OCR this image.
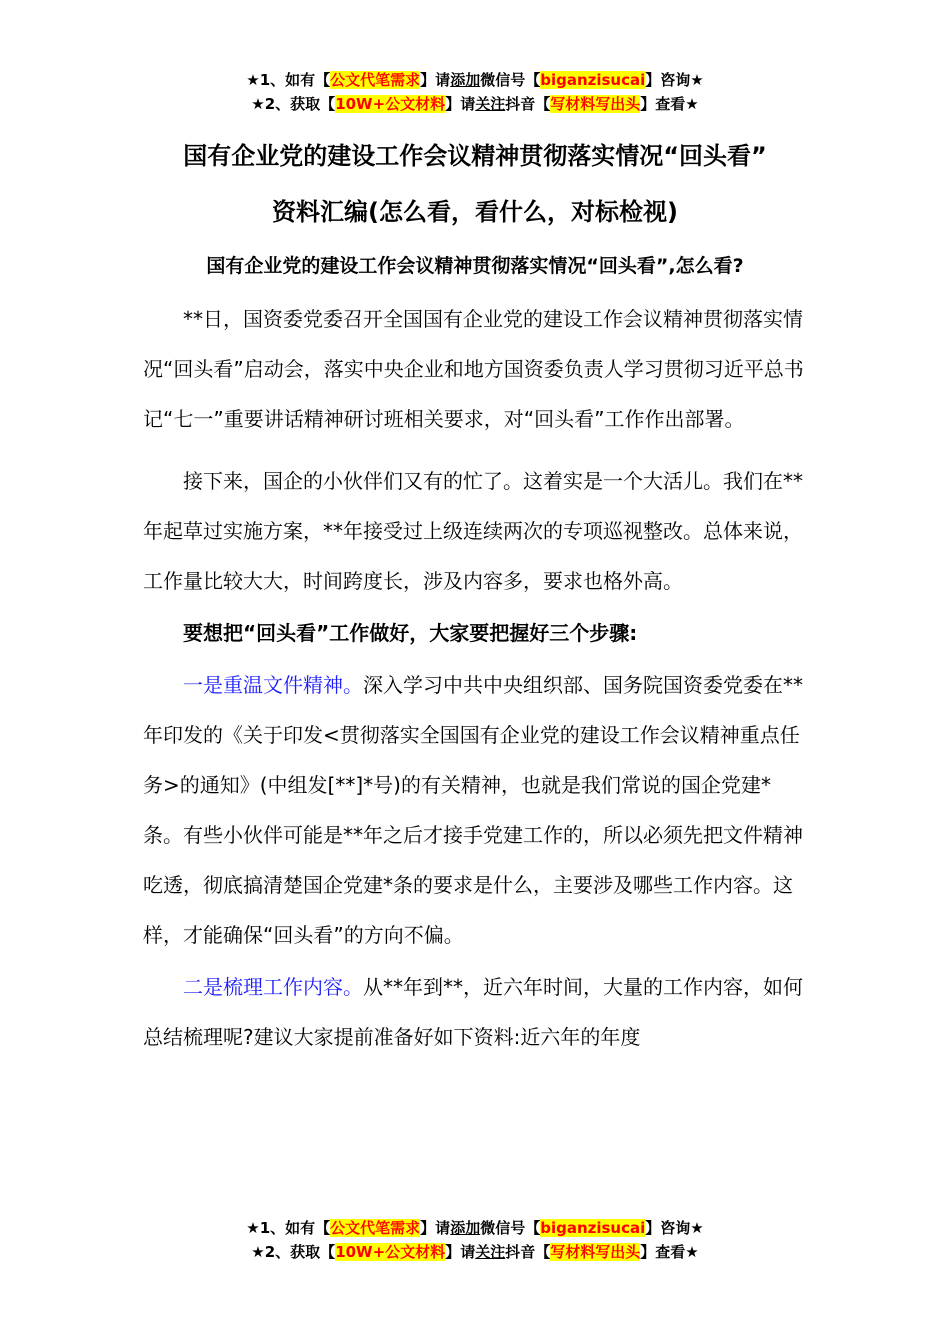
★1、如有【公文代笔需求】请添加微信号【biganzisucai】咨询★
★2、获取【10W+公文材料】请关注抖音【写材料写出头】查看★
国有企业党的建设工作会议精神贯彻落实情况“回头看”
资料汇编(怎么看，看什么，对标检视)
国有企业党的建设工作会议精神贯彻落实情况“回头看”,怎么看?

**日，国资委党委召开全国国有企业党的建设工作会议精神贯彻落实情况“回头看”启动会，落实中央企业和地方国资委负责人学习贯彻习近平总书记“七一”重要讲话精神研讨班相关要求，对“回头看”工作作出部署。

接下来，国企的小伙伴们又有的忙了。这着实是一个大活儿。我们在**年起草过实施方案，**年接受过上级连续两次的专项巡视整改。总体来说，工作量比较大大，时间跨度长，涉及内容多，要求也格外高。

要想把“回头看”工作做好，大家要把握好三个步骤:

一是重温文件精神。深入学习中共中央组织部、国务院国资委党委在**年印发的《关于印发<贯彻落实全国国有企业党的建设工作会议精神重点任务>的通知》(中组发[**]*号)的有关精神，也就是我们常说的国企党建*条。有些小伙伴可能是**年之后才接手党建工作的，所以必须先把文件精神吃透，彻底搞清楚国企党建*条的要求是什么，主要涉及哪些工作内容。这样，才能确保“回头看”的方向不偏。

二是梳理工作内容。从**年到**，近六年时间，大量的工作内容，如何总结梳理呢?建议大家提前准备好如下资料:近六年的年度

★1、如有【公文代笔需求】请添加微信号【biganzisucai】咨询★
★2、获取【10W+公文材料】请关注抖音【写材料写出头】查看★
